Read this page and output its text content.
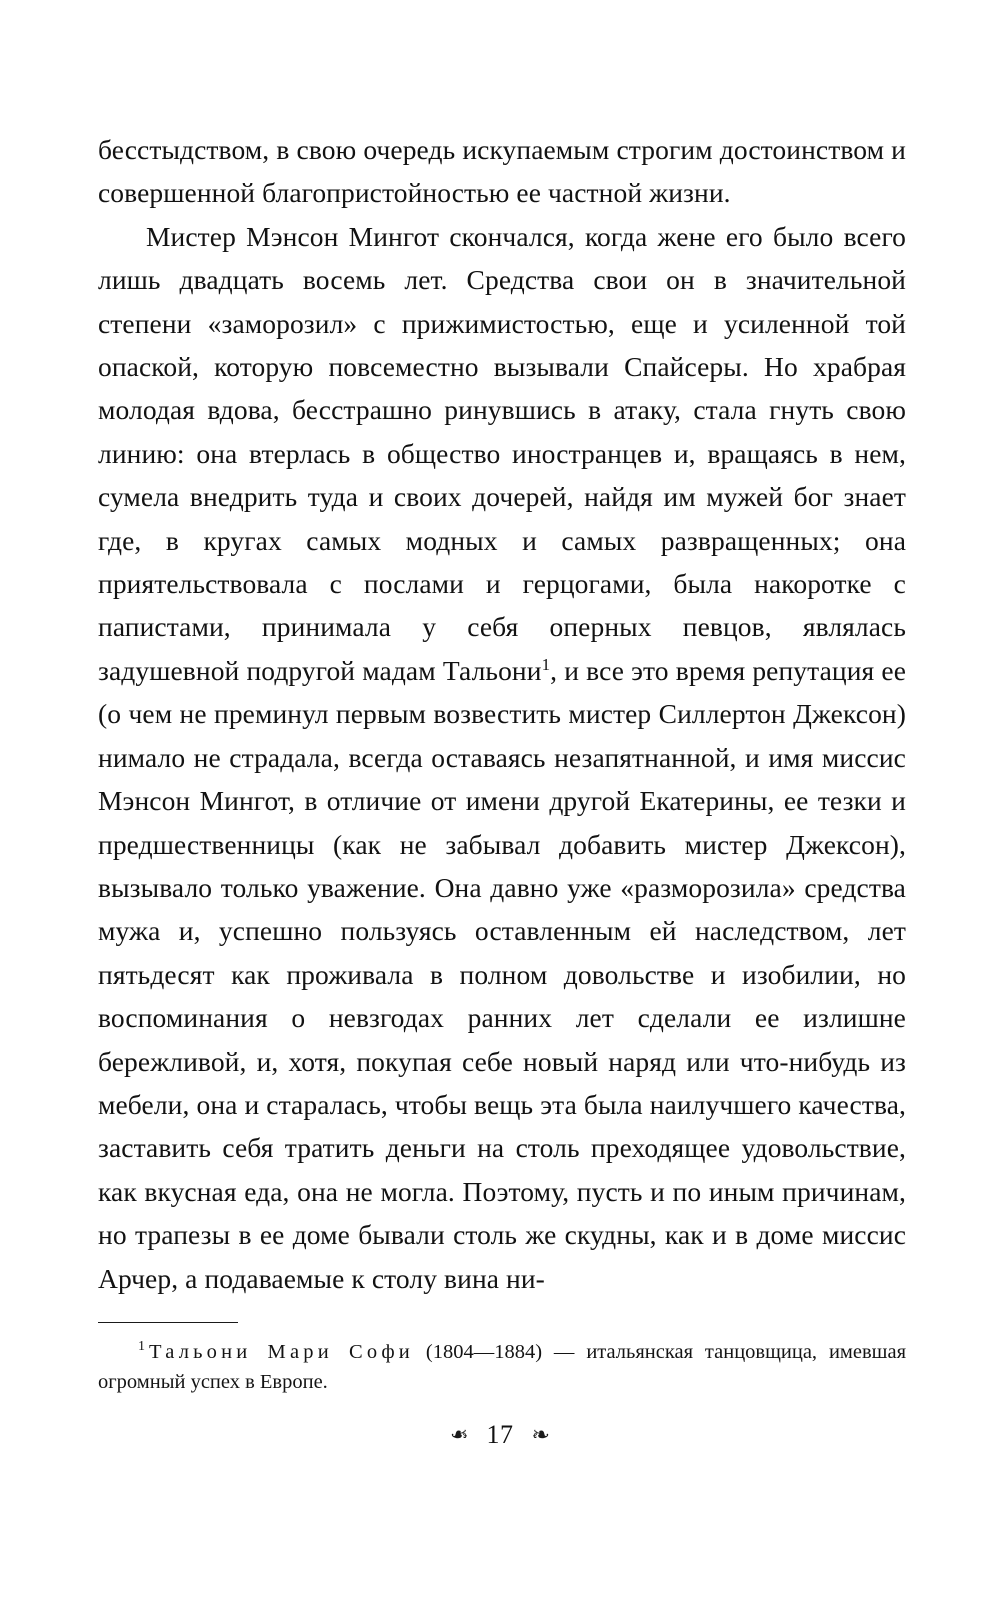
бесстыдством, в свою очередь искупаемым строгим достоинством и совершенной благопристойностью ее частной жизни.

Мистер Мэнсон Мингот скончался, когда жене его было всего лишь двадцать восемь лет. Средства свои он в значительной степени «заморозил» с прижимистостью, еще и усиленной той опаской, которую повсеместно вызывали Спайсеры. Но храбрая молодая вдова, бесстрашно ринувшись в атаку, стала гнуть свою линию: она втерлась в общество иностранцев и, вращаясь в нем, сумела внедрить туда и своих дочерей, найдя им мужей бог знает где, в кругах самых модных и самых развращенных; она приятельствовала с послами и герцогами, была накоротке с папистами, принимала у себя оперных певцов, являлась задушевной подругой мадам Тальони$^1$, и все это время репутация ее (о чем не преминул первым возвестить мистер Силлертон Джексон) нимало не страдала, всегда оставаясь незапятнанной, и имя миссис Мэнсон Мингот, в отличие от имени другой Екатерины, ее тезки и предшественницы (как не забывал добавить мистер Джексон), вызывало только уважение. Она давно уже «разморозила» средства мужа и, успешно пользуясь оставленным ей наследством, лет пятьдесят как проживала в полном довольстве и изобилии, но воспоминания о невзгодах ранних лет сделали ее излишне бережливой, и, хотя, покупая себе новый наряд или что-нибудь из мебели, она и старалась, чтобы вещь эта была наилучшего качества, заставить себя тратить деньги на столь преходящее удовольствие, как вкусная еда, она не могла. Поэтому, пусть и по иным причинам, но трапезы в ее доме бывали столь же скудны, как и в доме миссис Арчер, а подаваемые к столу вина ни-

$^1$ Тальони Мари Софи (1804—1884) — итальянская танцовщица, имевшая огромный успех в Европе.
❧ 17 ❧
